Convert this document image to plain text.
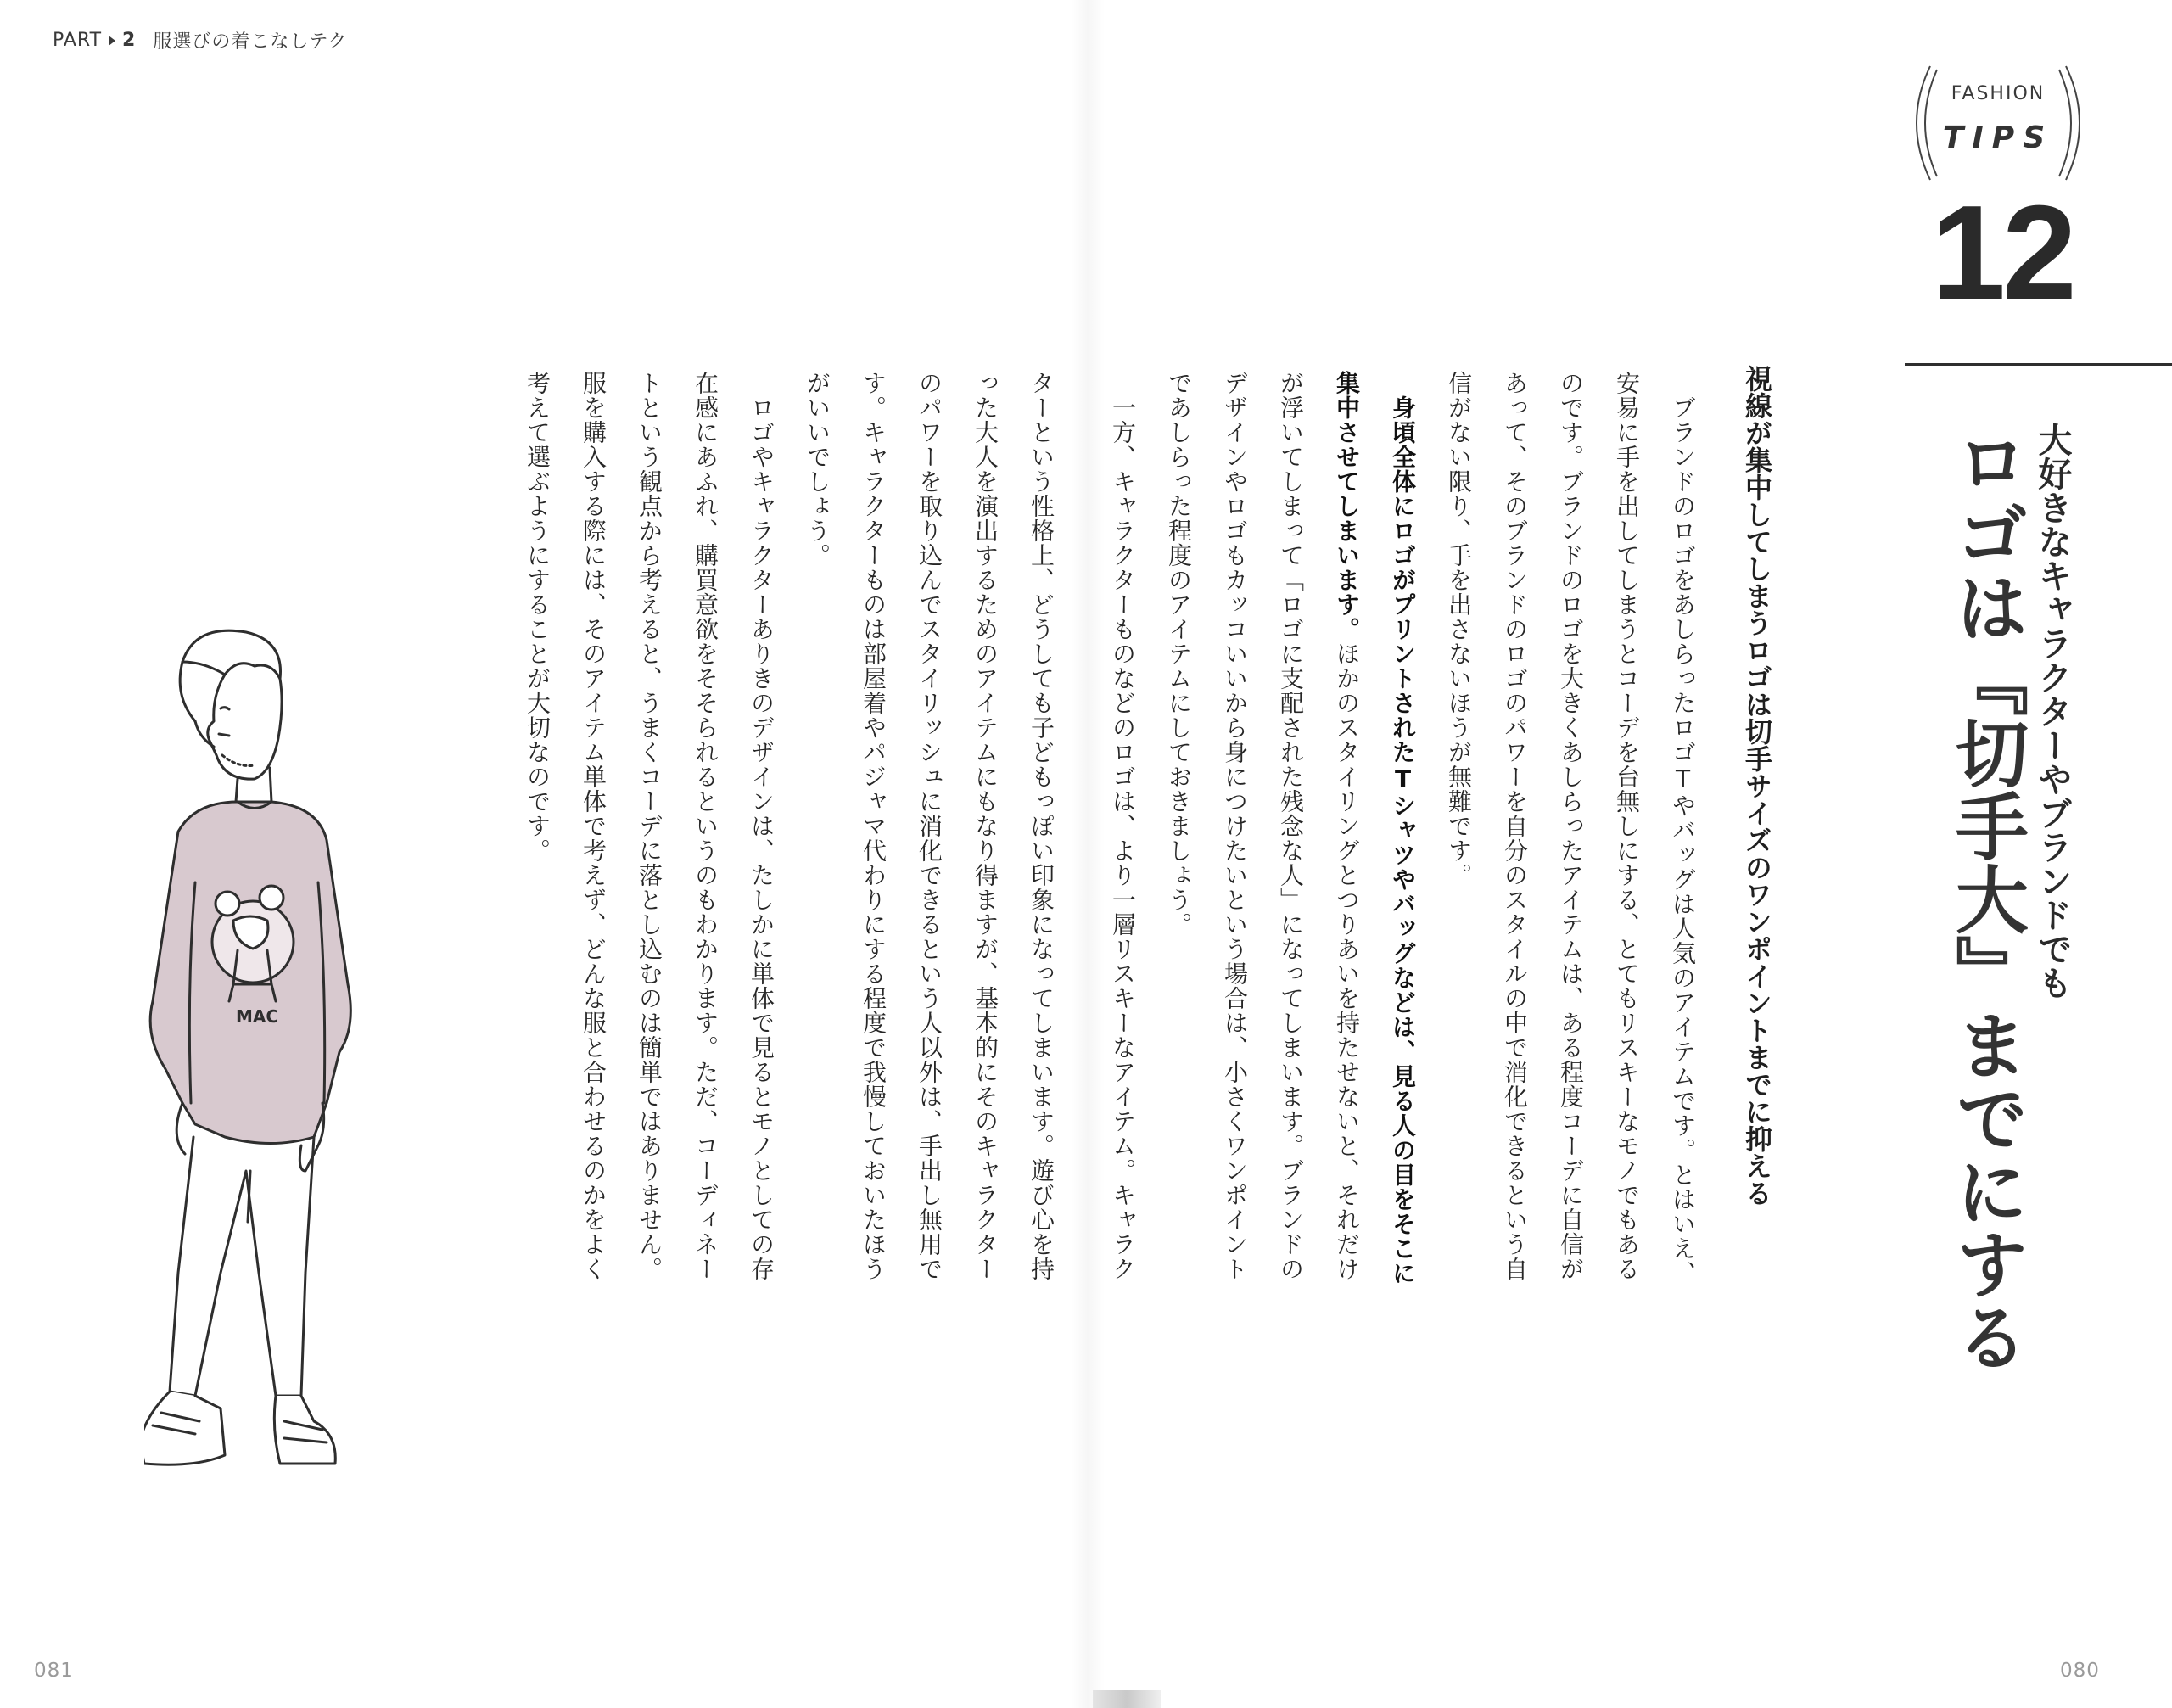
PART 2 服選びの着こなしテク
FASHION
TIPS
12
大好きなキャラクターやブランドでも
ロゴは『切手大』までにする
視線が集中してしまうロゴは切手サイズのワンポイントまでに抑える
　ブランドのロゴをあしらったロゴTやバッグは人気のアイテムです。とはいえ、
安易に手を出してしまうとコーデを台無しにする、とてもリスキーなモノでもある
のです。ブランドのロゴを大きくあしらったアイテムは、ある程度コーデに自信が
あって、そのブランドのロゴのパワーを自分のスタイルの中で消化できるという自
信がない限り、手を出さないほうが無難です。
　身頃全体にロゴがプリントされたTシャツやバッグなどは、見る人の目をそこに
集中させてしまいます。ほかのスタイリングとつりあいを持たせないと、それだけ
が浮いてしまって「ロゴに支配された残念な人」になってしまいます。ブランドの
デザインやロゴもカッコいいから身につけたいという場合は、小さくワンポイント
であしらった程度のアイテムにしておきましょう。
　一方、キャラクターものなどのロゴは、より一層リスキーなアイテム。キャラク
ターという性格上、どうしても子どもっぽい印象になってしまいます。遊び心を持
った大人を演出するためのアイテムにもなり得ますが、基本的にそのキャラクター
のパワーを取り込んでスタイリッシュに消化できるという人以外は、手出し無用で
す。キャラクターものは部屋着やパジャマ代わりにする程度で我慢しておいたほう
がいいでしょう。
　ロゴやキャラクターありきのデザインは、たしかに単体で見るとモノとしての存
在感にあふれ、購買意欲をそそられるというのもわかります。ただ、コーディネー
トという観点から考えると、うまくコーデに落とし込むのは簡単ではありません。
服を購入する際には、そのアイテム単体で考えず、どんな服と合わせるのかをよく
考えて選ぶようにすることが大切なのです。
MAC
081	080
